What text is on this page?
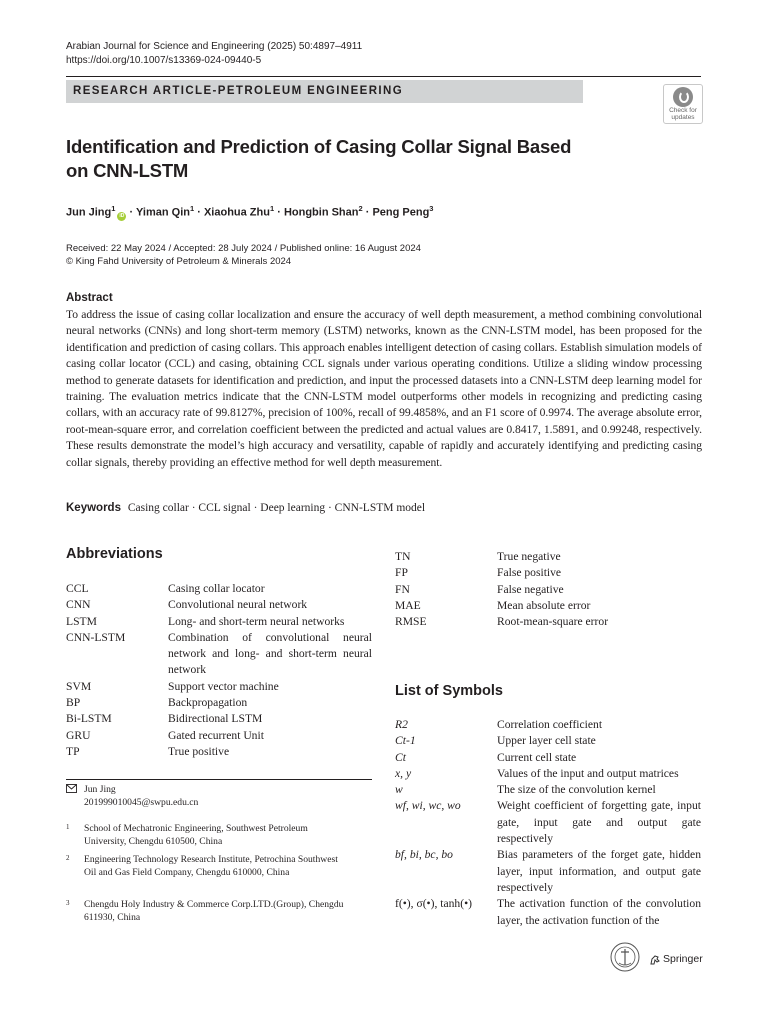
Arabian Journal for Science and Engineering (2025) 50:4897–4911
https://doi.org/10.1007/s13369-024-09440-5
RESEARCH ARTICLE-PETROLEUM ENGINEERING
Check for
updates
Identification and Prediction of Casing Collar Signal Based on CNN-LSTM
Jun Jing$^1$iD · Yiman Qin$^1$ · Xiaohua Zhu$^1$ · Hongbin Shan$^2$ · Peng Peng$^3$
Received: 22 May 2024 / Accepted: 28 July 2024 / Published online: 16 August 2024
© King Fahd University of Petroleum & Minerals 2024
Abstract
To address the issue of casing collar localization and ensure the accuracy of well depth measurement, a method combining convolutional neural networks (CNNs) and long short-term memory (LSTM) networks, known as the CNN-LSTM model, has been proposed for the identification and prediction of casing collars. This approach enables intelligent detection of casing collars. Establish simulation models of casing collar locator (CCL) and casing, obtaining CCL signals under various operating conditions. Utilize a sliding window processing method to generate datasets for identification and prediction, and input the processed datasets into a CNN-LSTM deep learning model for training. The evaluation metrics indicate that the CNN-LSTM model outperforms other models in recognizing and predicting casing collars, with an accuracy rate of 99.8127%, precision of 100%, recall of 99.4858%, and an F1 score of 0.9974. The average absolute error, root-mean-square error, and correlation coefficient between the predicted and actual values are 0.8417, 1.5891, and 0.99248, respectively. These results demonstrate the model’s high accuracy and versatility, capable of rapidly and accurately identifying and predicting casing collar signals, thereby providing an effective method for well depth measurement.
Keywords Casing collar · CCL signal · Deep learning · CNN-LSTM model
Abbreviations
CCL	Casing collar locator
CNN	Convolutional neural network
LSTM	Long- and short-term neural networks
CNN-LSTM	Combination of convolutional neural network and long- and short-term neural network
SVM	Support vector machine
BP	Backpropagation
Bi-LSTM	Bidirectional LSTM
GRU	Gated recurrent Unit
TP	True positive
TN	True negative
FP	False positive
FN	False negative
MAE	Mean absolute error
RMSE	Root-mean-square error
List of Symbols
R2	Correlation coefficient
Ct-1	Upper layer cell state
Ct	Current cell state
x, y	Values of the input and output matrices
w	The size of the convolution kernel
wf, wi, wc, wo	Weight coefficient of forgetting gate, input gate, input gate and output gate respectively
bf, bi, bc, bo	Bias parameters of the forget gate, hidden layer, input information, and output gate respectively
f(•), σ(•), tanh(•) The activation function of the convolution layer, the activation function of the
Jun Jing
201999010045@swpu.edu.cn
1 School of Mechatronic Engineering, Southwest Petroleum University, Chengdu 610500, China
2 Engineering Technology Research Institute, Petrochina Southwest Oil and Gas Field Company, Chengdu 610000, China
3 Chengdu Holy Industry & Commerce Corp.LTD.(Group), Chengdu 611930, China
Springer
